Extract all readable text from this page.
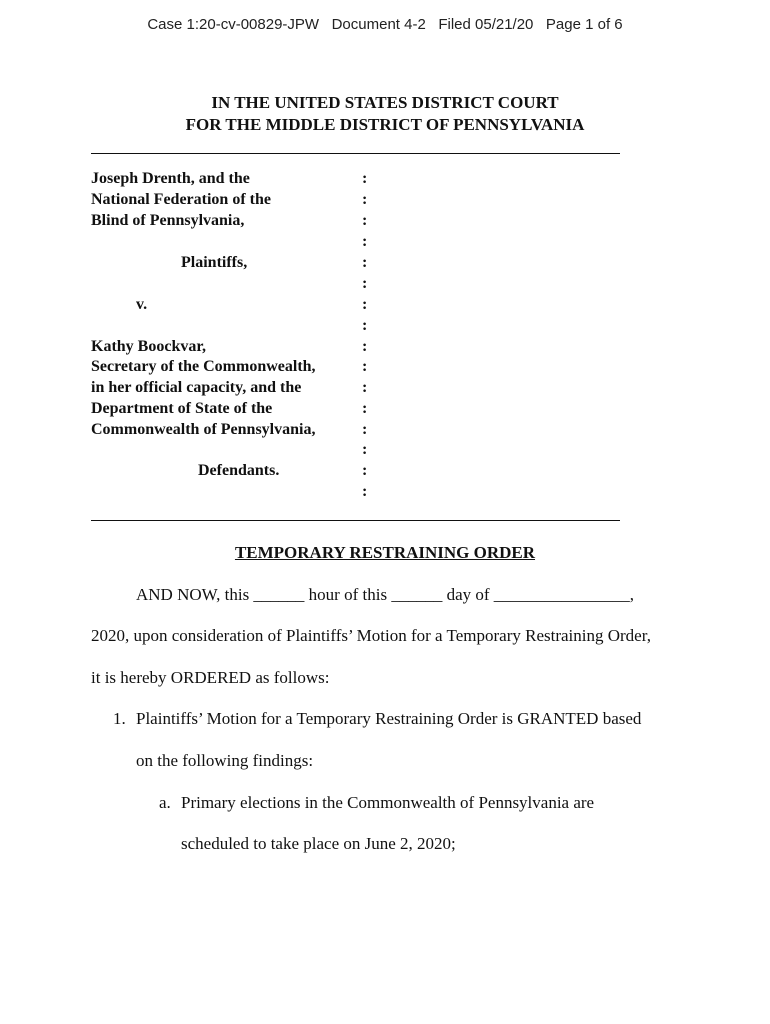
Case 1:20-cv-00829-JPW Document 4-2 Filed 05/21/20 Page 1 of 6
IN THE UNITED STATES DISTRICT COURT
FOR THE MIDDLE DISTRICT OF PENNSYLVANIA
Joseph Drenth, and the
National Federation of the
Blind of Pennsylvania,
Plaintiffs,
v.
Kathy Boockvar,
Secretary of the Commonwealth,
in her official capacity, and the
Department of State of the
Commonwealth of Pennsylvania,
Defendants.
:
:
:
:
:
:
:
:
:
:
:
:
:
:
:
:
TEMPORARY RESTRAINING ORDER
AND NOW, this ______ hour of this ______ day of ________________,
2020, upon consideration of Plaintiffs’ Motion for a Temporary Restraining Order,
it is hereby ORDERED as follows:
1. Plaintiffs’ Motion for a Temporary Restraining Order is GRANTED based
on the following findings:
a. Primary elections in the Commonwealth of Pennsylvania are
scheduled to take place on June 2, 2020;
